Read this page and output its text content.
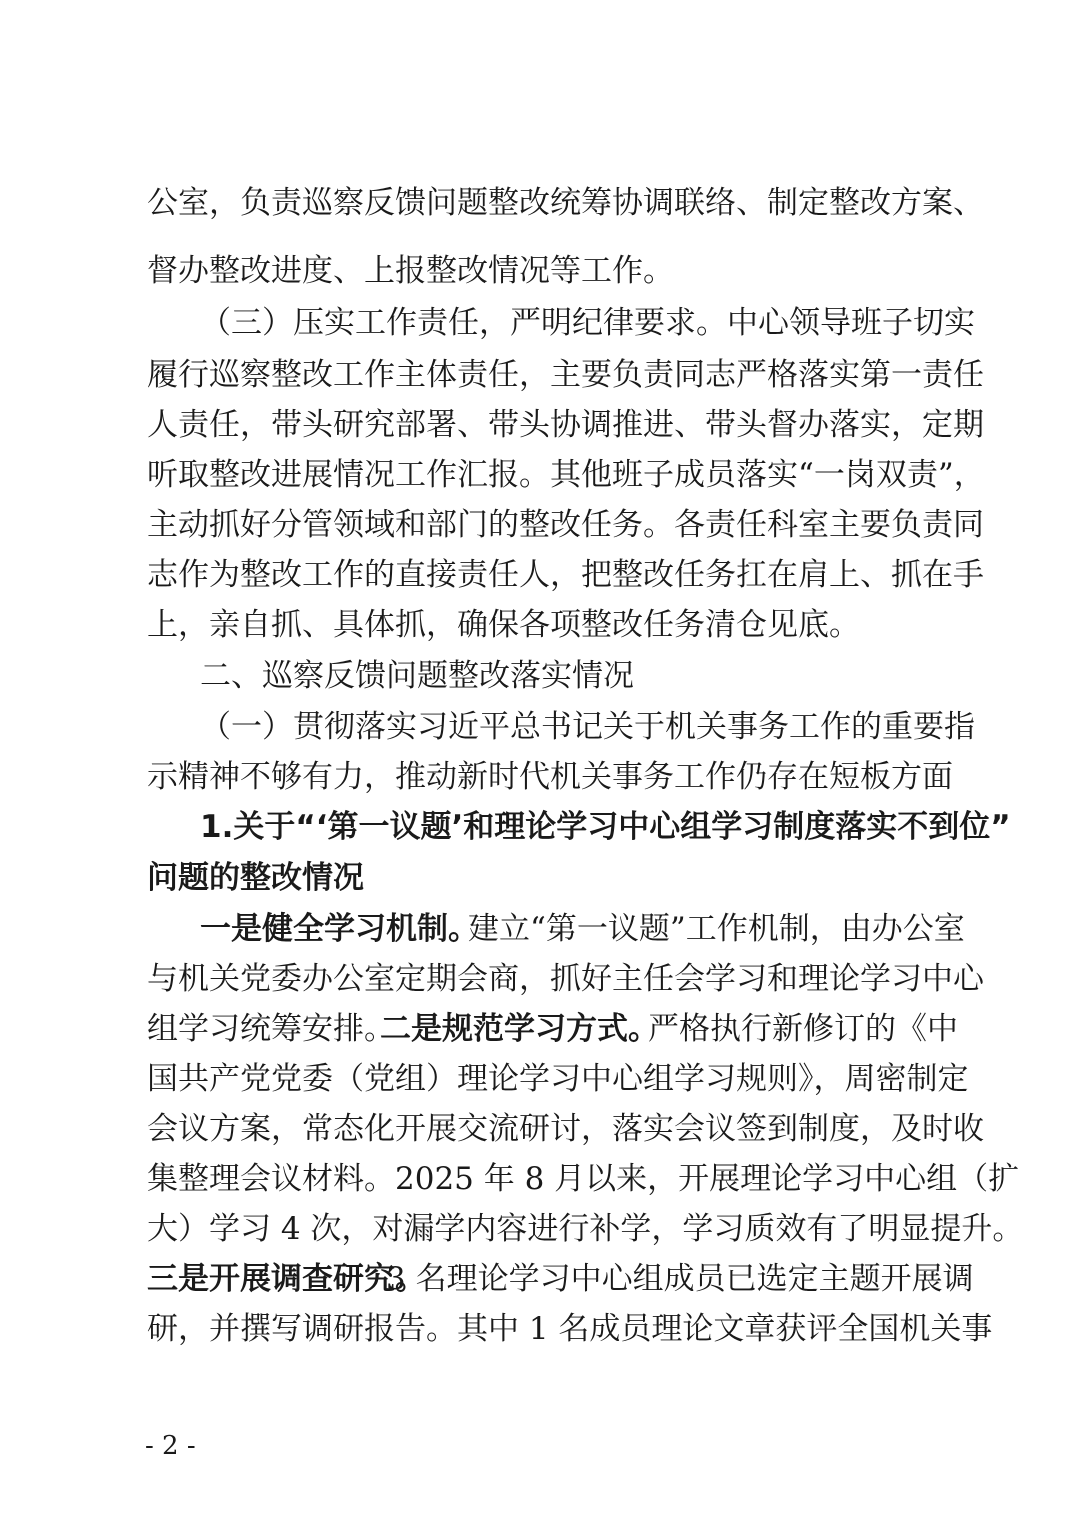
公室，负责巡察反馈问题整改统筹协调联络、制定整改方案、
督办整改进度、上报整改情况等工作。
（三）压实工作责任，严明纪律要求。中心领导班子切实
履行巡察整改工作主体责任，主要负责同志严格落实第一责任
人责任，带头研究部署、带头协调推进、带头督办落实，定期
听取整改进展情况工作汇报。其他班子成员落实“一岗双责”，
主动抓好分管领域和部门的整改任务。各责任科室主要负责同
志作为整改工作的直接责任人，把整改任务扛在肩上、抓在手
上，亲自抓、具体抓，确保各项整改任务清仓见底。
二、巡察反馈问题整改落实情况
（一）贯彻落实习近平总书记关于机关事务工作的重要指
示精神不够有力，推动新时代机关事务工作仍存在短板方面
1.关于“‘第一议题’和理论学习中心组学习制度落实不到位”
问题的整改情况
一是健全学习机制。
建立“第一议题”工作机制，由办公室
与机关党委办公室定期会商，抓好主任会学习和理论学习中心
组学习统筹安排。
二是规范学习方式。
严格执行新修订的《中
国共产党党委（党组）理论学习中心组学习规则》，周密制定
会议方案，常态化开展交流研讨，落实会议签到制度，及时收
集整理会议材料。2025 年 8 月以来，开展理论学习中心组（扩
大）学习 4 次，对漏学内容进行补学，学习质效有了明显提升。
三是开展调查研究。
3 名理论学习中心组成员已选定主题开展调
研，并撰写调研报告。其中 1 名成员理论文章获评全国机关事
- 2 -
